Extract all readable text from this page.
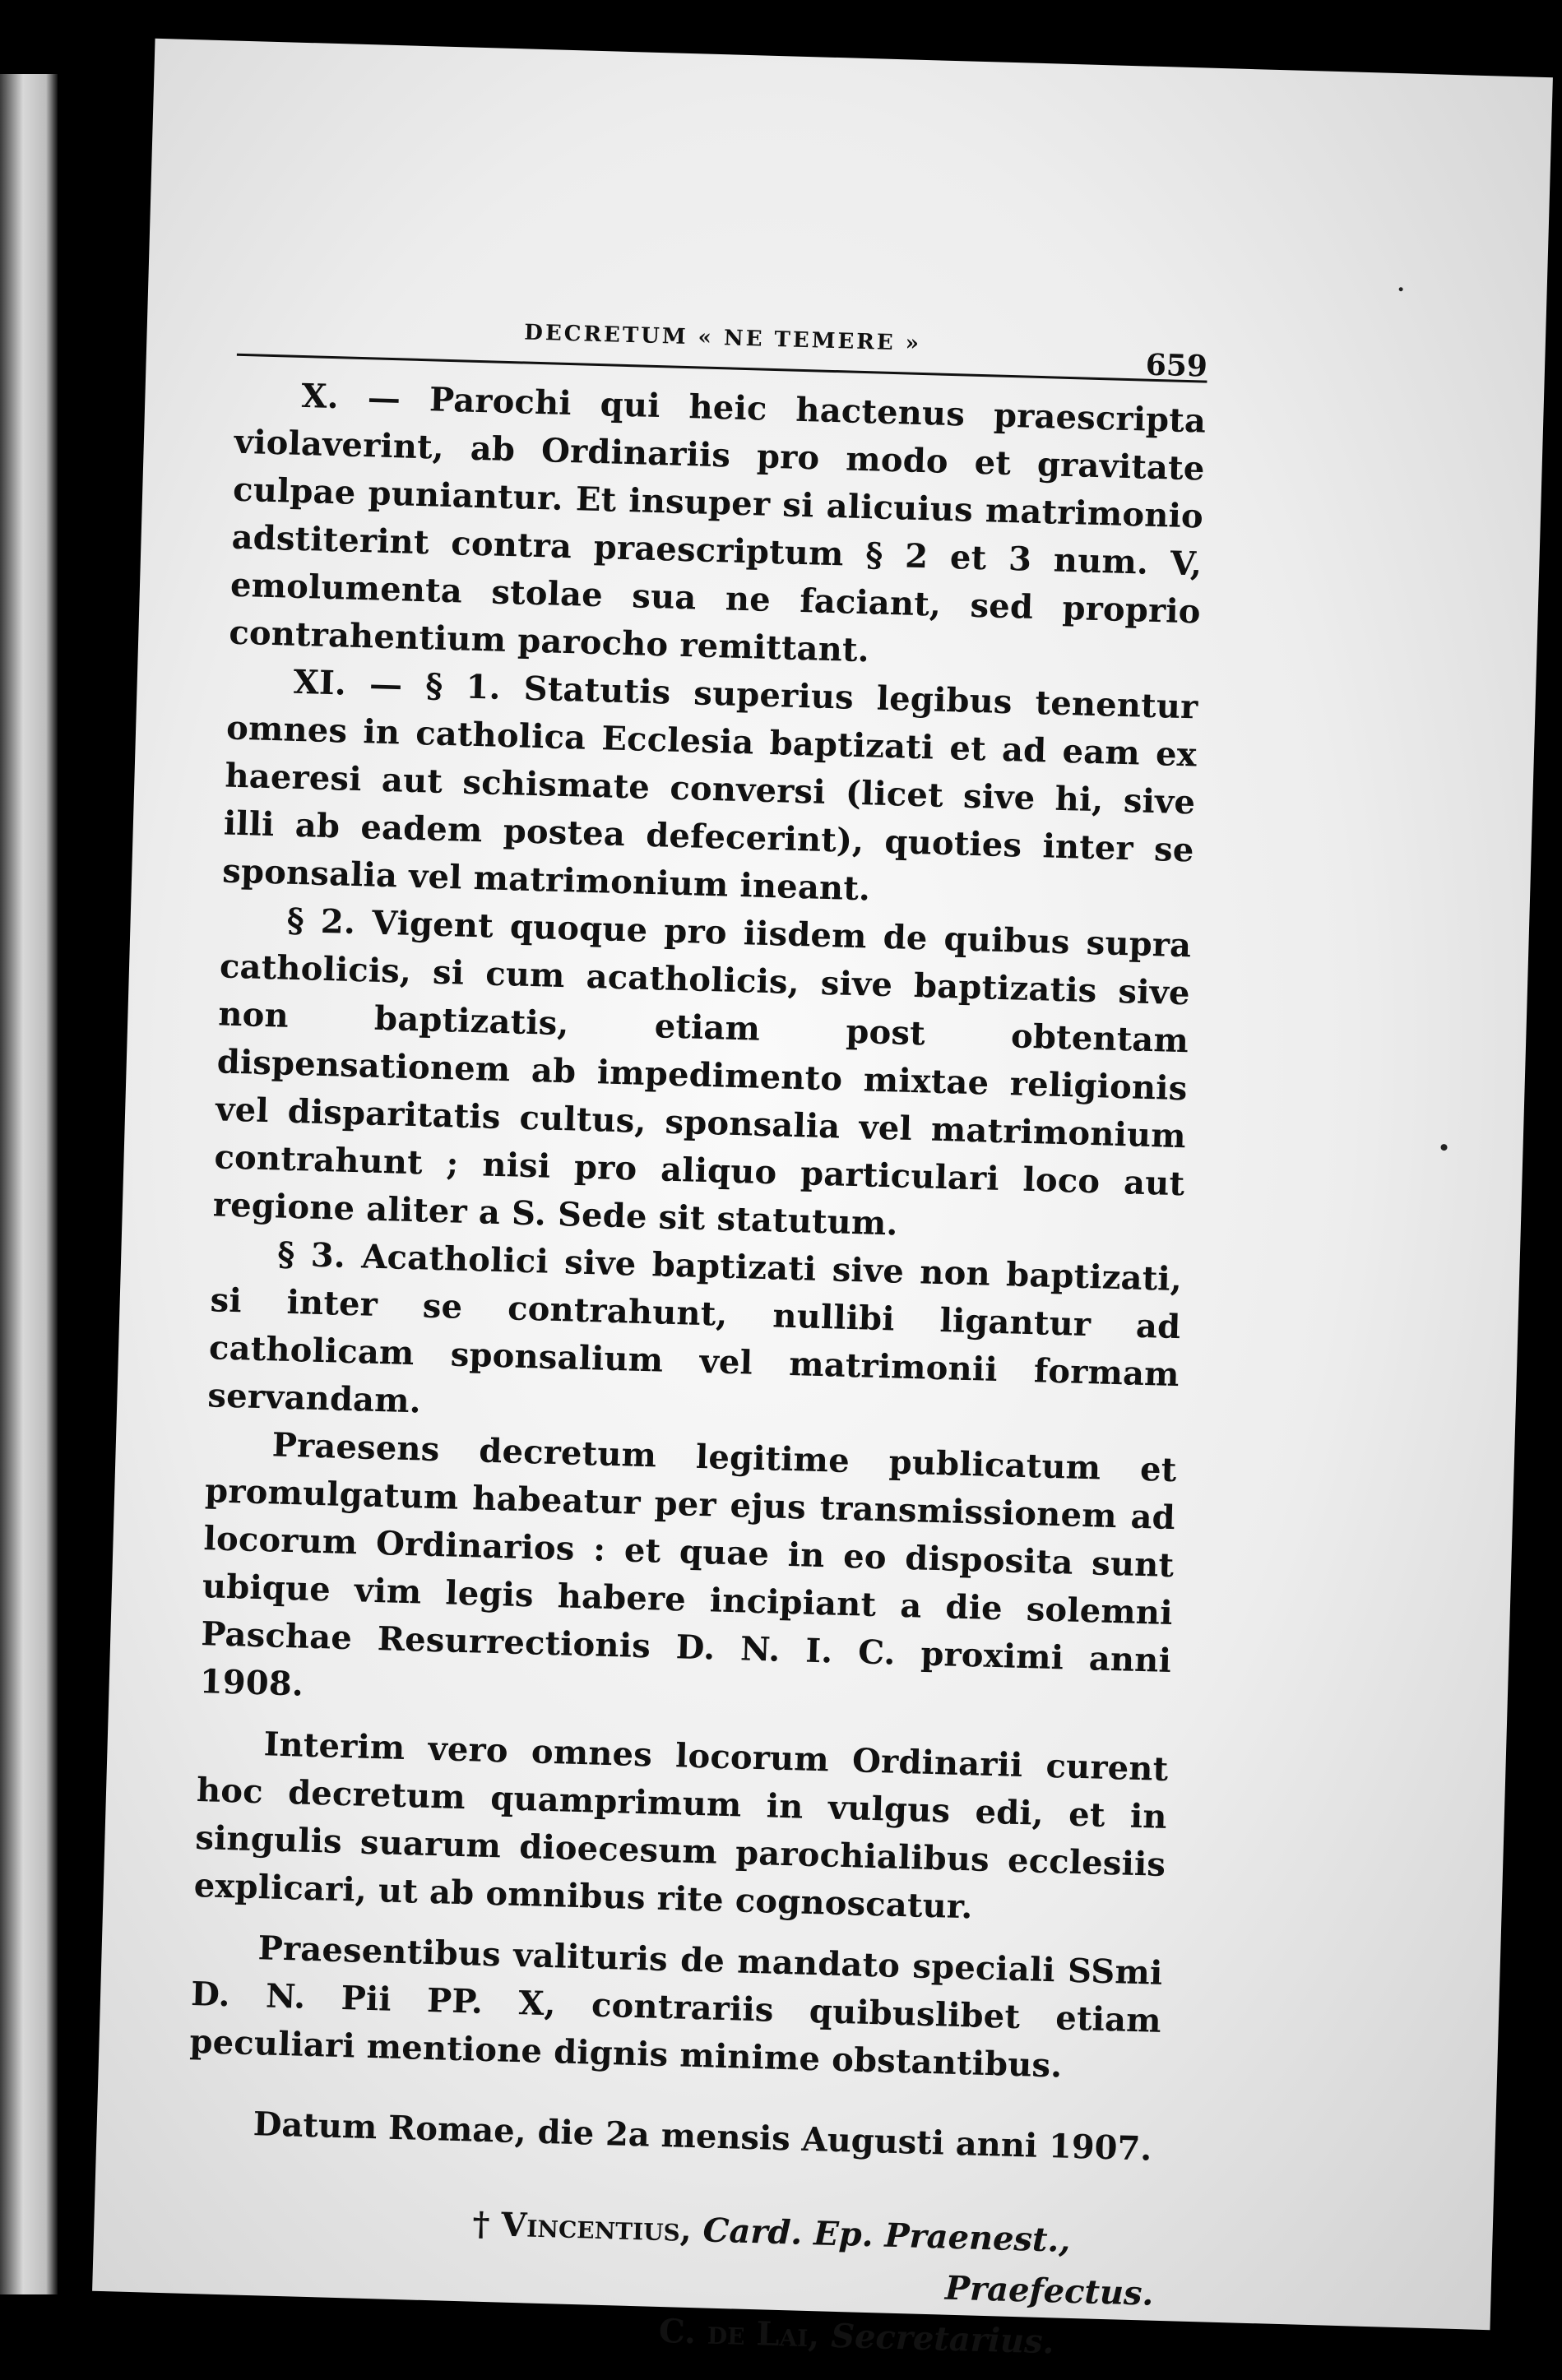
DECRETUM « NE TEMERE »
659

X. — Parochi qui heic hactenus praescripta violaverint, ab Ordinariis pro modo et gravitate culpae puniantur. Et insuper si alicuius matrimonio adstiterint contra praescriptum § 2 et 3 num. V, emolumenta stolae sua ne faciant, sed proprio contrahentium parocho remittant.

XI. — § 1. Statutis superius legibus tenentur omnes in catholica Ecclesia baptizati et ad eam ex haeresi aut schismate conversi (licet sive hi, sive illi ab eadem postea defecerint), quoties inter se sponsalia vel matrimonium ineant.

§ 2. Vigent quoque pro iisdem de quibus supra catholicis, si cum acatholicis, sive baptizatis sive non baptizatis, etiam post obtentam dispensationem ab impedimento mixtae religionis vel disparitatis cultus, sponsalia vel matrimonium contrahunt ; nisi pro aliquo particulari loco aut regione aliter a S. Sede sit statutum.

§ 3. Acatholici sive baptizati sive non baptizati, si inter se contrahunt, nullibi ligantur ad catholicam sponsalium vel matrimonii formam servandam.

Praesens decretum legitime publicatum et promulgatum habeatur per ejus transmissionem ad locorum Ordinarios : et quae in eo disposita sunt ubique vim legis habere incipiant a die solemni Paschae Resurrectionis D. N. I. C. proximi anni 1908.

Interim vero omnes locorum Ordinarii curent hoc decretum quamprimum in vulgus edi, et in singulis suarum dioecesum parochialibus ecclesiis explicari, ut ab omnibus rite cognoscatur.

Praesentibus valituris de mandato speciali SSmi D. N. Pii PP. X, contrariis quibuslibet etiam peculiari mentione dignis minime obstantibus.

Datum Romae, die 2a mensis Augusti anni 1907.

† Vincentius, Card. Ep. Praenest.,

Praefectus.

C. de Lai, Secretarius.
